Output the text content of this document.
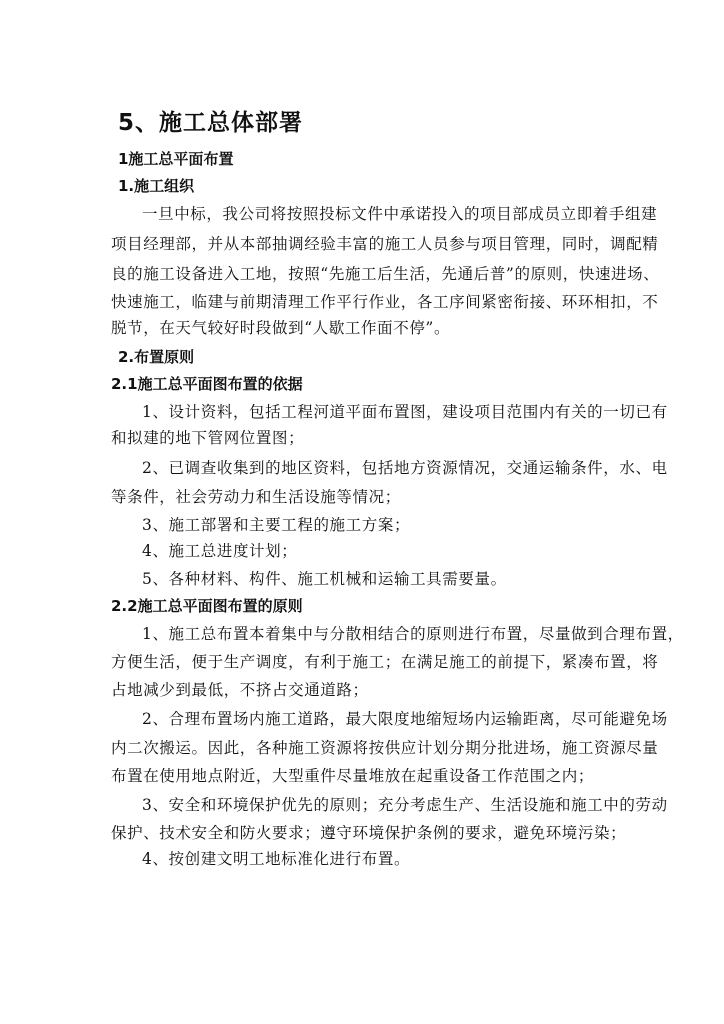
5、施工总体部署
1施工总平面布置
1.施工组织
一旦中标，我公司将按照投标文件中承诺投入的项目部成员立即着手组建
项目经理部，并从本部抽调经验丰富的施工人员参与项目管理，同时，调配精
良的施工设备进入工地，按照“先施工后生活，先通后普”的原则，快速进场、
快速施工，临建与前期清理工作平行作业，各工序间紧密衔接、环环相扣，不
脱节，在天气较好时段做到“人歇工作面不停”。
2.布置原则
2.1施工总平面图布置的依据
1、设计资料，包括工程河道平面布置图，建设项目范围内有关的一切已有
和拟建的地下管网位置图；
2、已调查收集到的地区资料，包括地方资源情况，交通运输条件，水、电
等条件，社会劳动力和生活设施等情况；
3、施工部署和主要工程的施工方案；
4、施工总进度计划；
5、各种材料、构件、施工机械和运输工具需要量。
2.2施工总平面图布置的原则
1、施工总布置本着集中与分散相结合的原则进行布置，尽量做到合理布置，
方便生活，便于生产调度，有利于施工；在满足施工的前提下，紧凑布置，将
占地减少到最低，不挤占交通道路；
2、合理布置场内施工道路，最大限度地缩短场内运输距离，尽可能避免场
内二次搬运。因此，各种施工资源将按供应计划分期分批进场，施工资源尽量
布置在使用地点附近，大型重件尽量堆放在起重设备工作范围之内；
3、安全和环境保护优先的原则；充分考虑生产、生活设施和施工中的劳动
保护、技术安全和防火要求；遵守环境保护条例的要求，避免环境污染；
4、按创建文明工地标准化进行布置。
